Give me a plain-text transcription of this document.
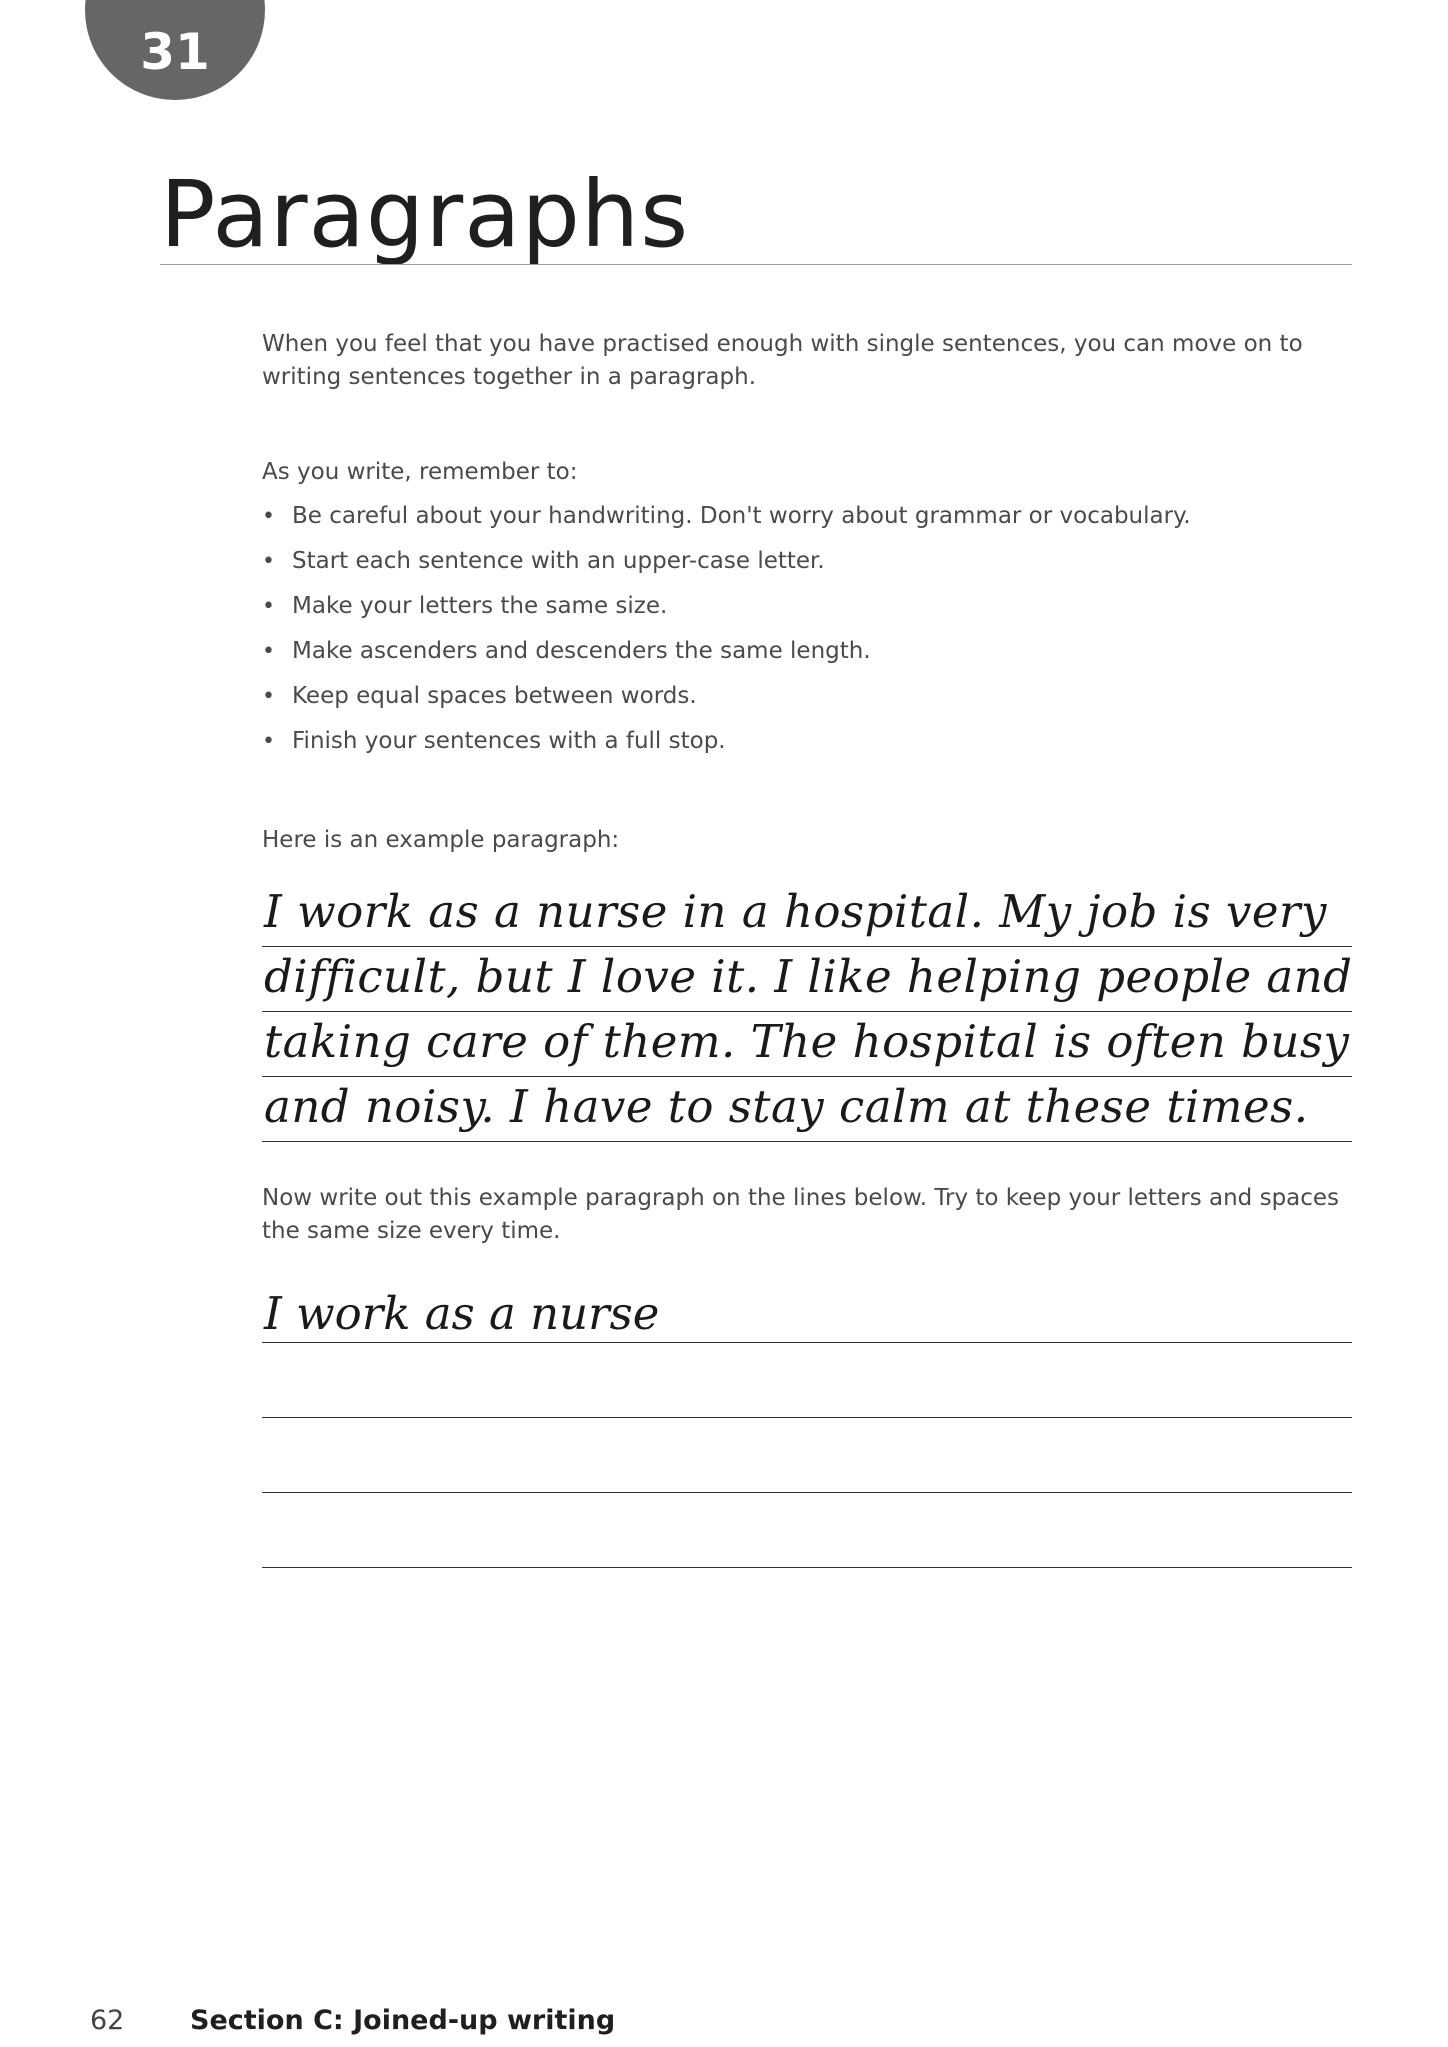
31
Paragraphs

When you feel that you have practised enough with single sentences, you can move on to writing sentences together in a paragraph.

As you write, remember to:

• Be careful about your handwriting. Don't worry about grammar or vocabulary.
• Start each sentence with an upper-case letter.
• Make your letters the same size.
• Make ascenders and descenders the same length.
• Keep equal spaces between words.
• Finish your sentences with a full stop.

Here is an example paragraph:

I work as a nurse in a hospital. My job is very
difficult, but I love it. I like helping people and
taking care of them. The hospital is often busy
and noisy. I have to stay calm at these times.

Now write out this example paragraph on the lines below. Try to keep your letters and spaces the same size every time.

I work as a nurse
62 Section C: Joined-up writing
